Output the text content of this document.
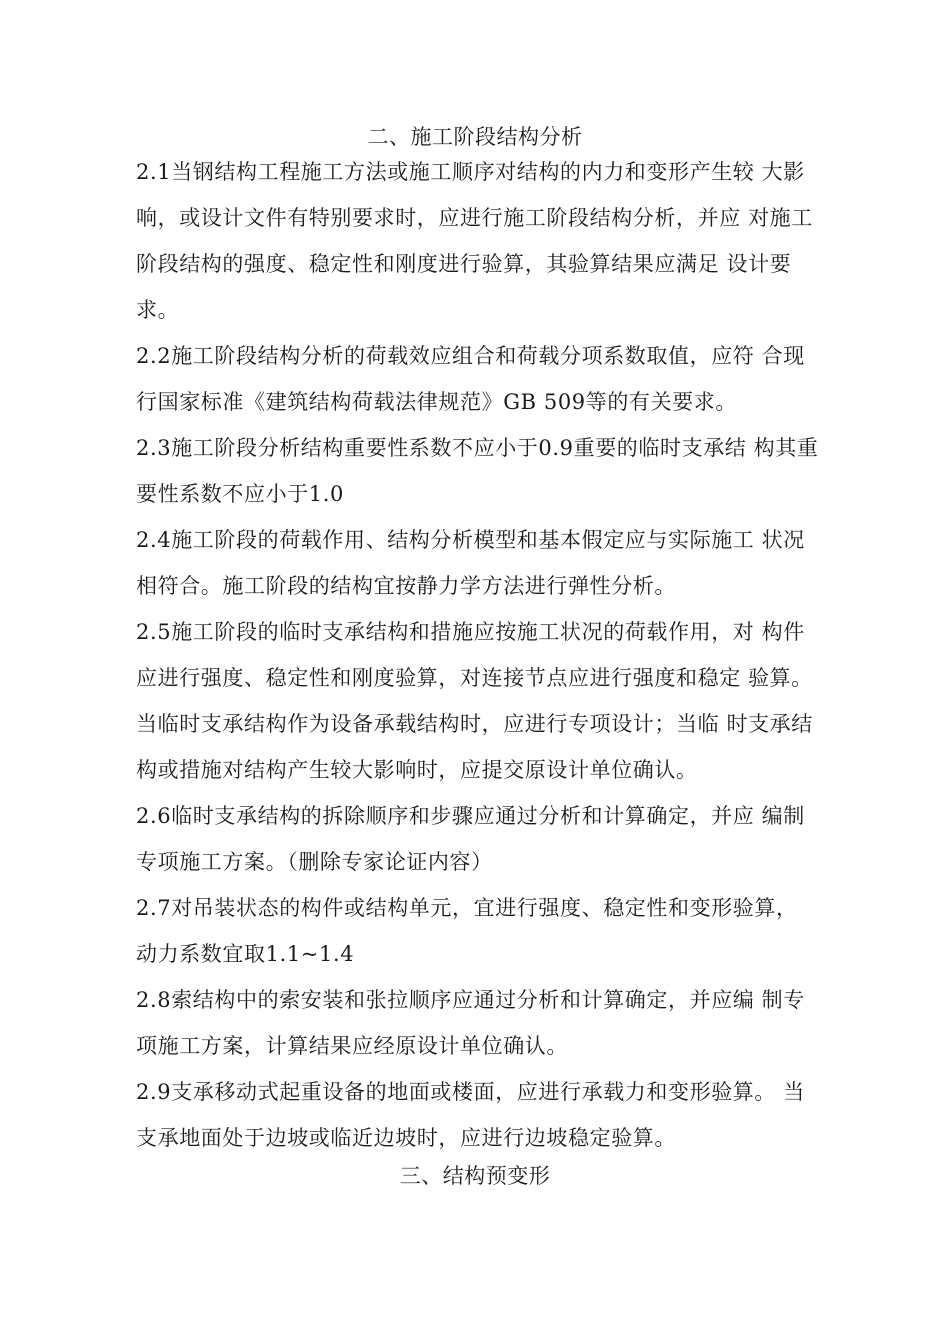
二、施工阶段结构分析
2.1当钢结构工程施工方法或施工顺序对结构的内力和变形产生较 大影
响，或设计文件有特别要求时，应进行施工阶段结构分析，并应 对施工
阶段结构的强度、稳定性和刚度进行验算，其验算结果应满足 设计要
求。
2.2施工阶段结构分析的荷载效应组合和荷载分项系数取值，应符 合现
行国家标准《建筑结构荷载法律规范》GB 509等的有关要求。
2.3施工阶段分析结构重要性系数不应小于0.9重要的临时支承结 构其重
要性系数不应小于1.0
2.4施工阶段的荷载作用、结构分析模型和基本假定应与实际施工 状况
相符合。施工阶段的结构宜按静力学方法进行弹性分析。
2.5施工阶段的临时支承结构和措施应按施工状况的荷载作用，对 构件
应进行强度、稳定性和刚度验算，对连接节点应进行强度和稳定 验算。
当临时支承结构作为设备承载结构时，应进行专项设计；当临 时支承结
构或措施对结构产生较大影响时，应提交原设计单位确认。
2.6临时支承结构的拆除顺序和步骤应通过分析和计算确定，并应 编制
专项施工方案。（删除专家论证内容）
2.7对吊装状态的构件或结构单元，宜进行强度、稳定性和变形验算，
动力系数宜取1.1~1.4
2.8索结构中的索安装和张拉顺序应通过分析和计算确定，并应编 制专
项施工方案，计算结果应经原设计单位确认。
2.9支承移动式起重设备的地面或楼面，应进行承载力和变形验算。 当
支承地面处于边坡或临近边坡时，应进行边坡稳定验算。
三、结构预变形
